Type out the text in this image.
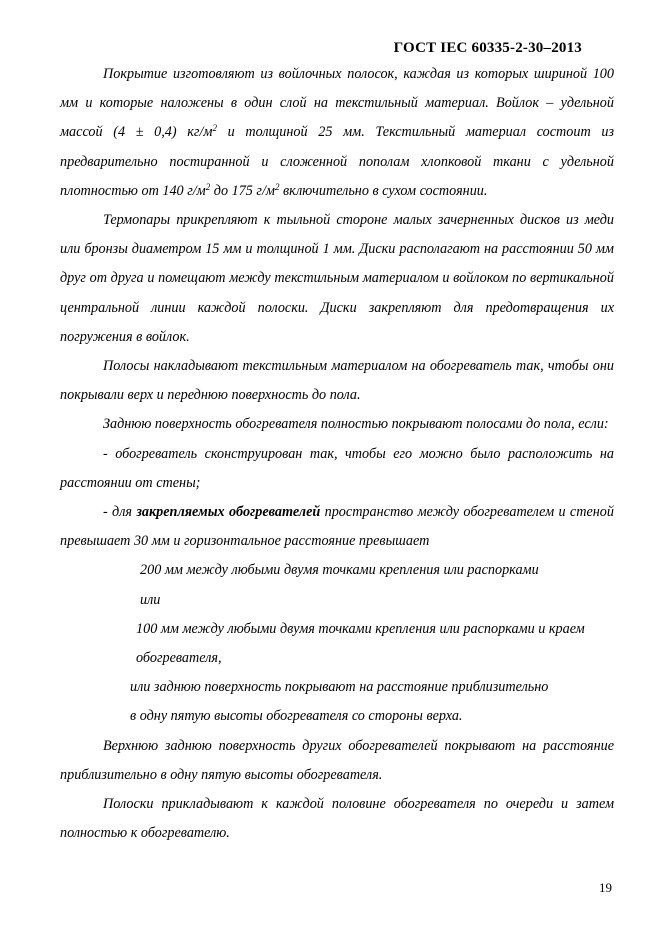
ГОСТ IEC 60335-2-30–2013

Покрытие изготовляют из войлочных полосок, каждая из которых шириной 100 мм и которые наложены в один слой на текстильный материал. Войлок – удельной массой (4 ± 0,4) $кг/м^2$ и толщиной 25 мм. Текстильный материал состоит из предварительно постиранной и сложенной пополам хлопковой ткани с удельной плотностью от 140 $г/м^2$ до 175 $г/м^2$ включительно в сухом состоянии.

Термопары прикрепляют к тыльной стороне малых зачерненных дисков из меди или бронзы диаметром 15 мм и толщиной 1 мм. Диски располагают на расстоянии 50 мм друг от друга и помещают между текстильным материалом и войлоком по вертикальной центральной линии каждой полоски. Диски закрепляют для предотвращения их погружения в войлок.

Полосы накладывают текстильным материалом на обогреватель так, чтобы они покрывали верх и переднюю поверхность до пола.

Заднюю поверхность обогревателя полностью покрывают полосами до пола, если:

- обогреватель сконструирован так, чтобы его можно было расположить на расстоянии от стены;

- для закрепляемых обогревателей пространство между обогревателем и стеной превышает 30 мм и горизонтальное расстояние превышает

200 мм между любыми двумя точками крепления или распорками

или

100 мм между любыми двумя точками крепления или распорками и краем обогревателя,

или заднюю поверхность покрывают на расстояние приблизительно

в одну пятую высоты обогревателя со стороны верха.

Верхнюю заднюю поверхность других обогревателей покрывают на расстояние приблизительно в одну пятую высоты обогревателя.

Полоски прикладывают к каждой половине обогревателя по очереди и затем полностью к обогревателю.

19
